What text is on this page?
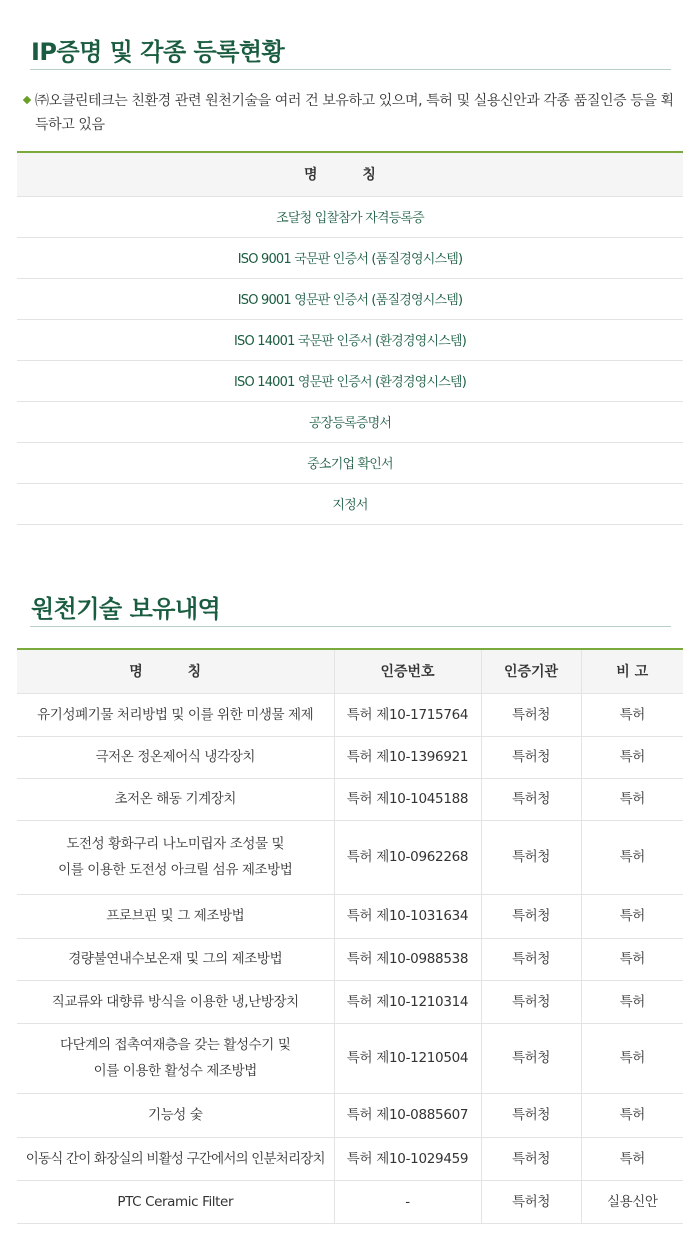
IP증명 및 각종 등록현황

㈜오클린테크는 친환경 관련 원천기술을 여러 건 보유하고 있으며, 특허 및 실용신안과 각종 품질인증 등을 획득하고 있음

명 칭
조달청 입찰참가 자격등록증
ISO 9001 국문판 인증서 (품질경영시스템)
ISO 9001 영문판 인증서 (품질경영시스템)
ISO 14001 국문판 인증서 (환경경영시스템)
ISO 14001 영문판 인증서 (환경경영시스템)
공장등록증명서
중소기업 확인서
지정서
원천기술 보유내역
명 칭	인증번호	인증기관	비 고
유기성폐기물 처리방법 및 이를 위한 미생물 제제	특허 제10-1715764	특허청	특허
극저온 정온제어식 냉각장치	특허 제10-1396921	특허청	특허
초저온 해동 기계장치	특허 제10-1045188	특허청	특허

도전성 황화구리 나노미립자 조성물 및
이를 이용한 도전성 아크릴 섬유 제조방법	특허 제10-0962268	특허청	특허
프로브핀 및 그 제조방법	특허 제10-1031634	특허청	특허
경량불연내수보온재 및 그의 제조방법	특허 제10-0988538	특허청	특허
직교류와 대향류 방식을 이용한 냉,난방장치	특허 제10-1210314	특허청	특허

다단계의 접촉여재층을 갖는 활성수기 및
이를 이용한 활성수 제조방법	특허 제10-1210504	특허청	특허
기능성 숯	특허 제10-0885607	특허청	특허
이동식 간이 화장실의 비활성 구간에서의 인분처리장치	특허 제10-1029459	특허청	특허
PTC Ceramic Filter	-	특허청	실용신안
